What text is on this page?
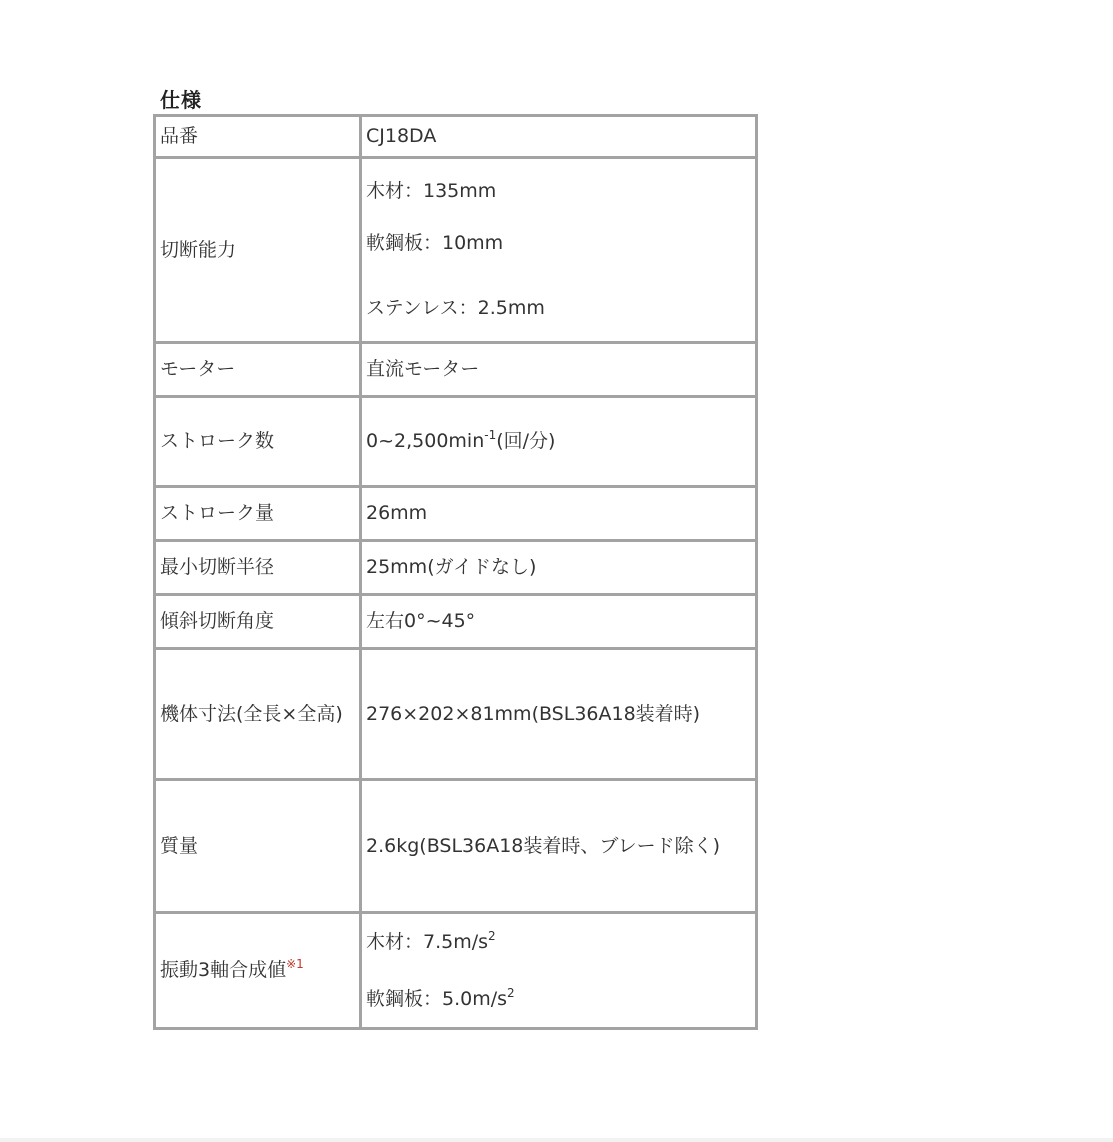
仕様
品番	CJ18DA
切断能力	木材：135mm
軟鋼板：10mm
ステンレス：2.5mm

モーター	直流モーター
ストローク数	$0\sim 2,500\min^{-1}$(回/分)
ストローク量	26mm
最小切断半径	25mm(ガイドなし)
傾斜切断角度	左右0°~45°
機体寸法(全長×全高)	276×202×81mm(BSL36A18装着時)
質量	2.6kg(BSL36A18装着時、ブレード除く)
振動3軸合成値$^{※1}$	木材：$7.5m/s^2$
軟鋼板：$5.0m/s^2$
